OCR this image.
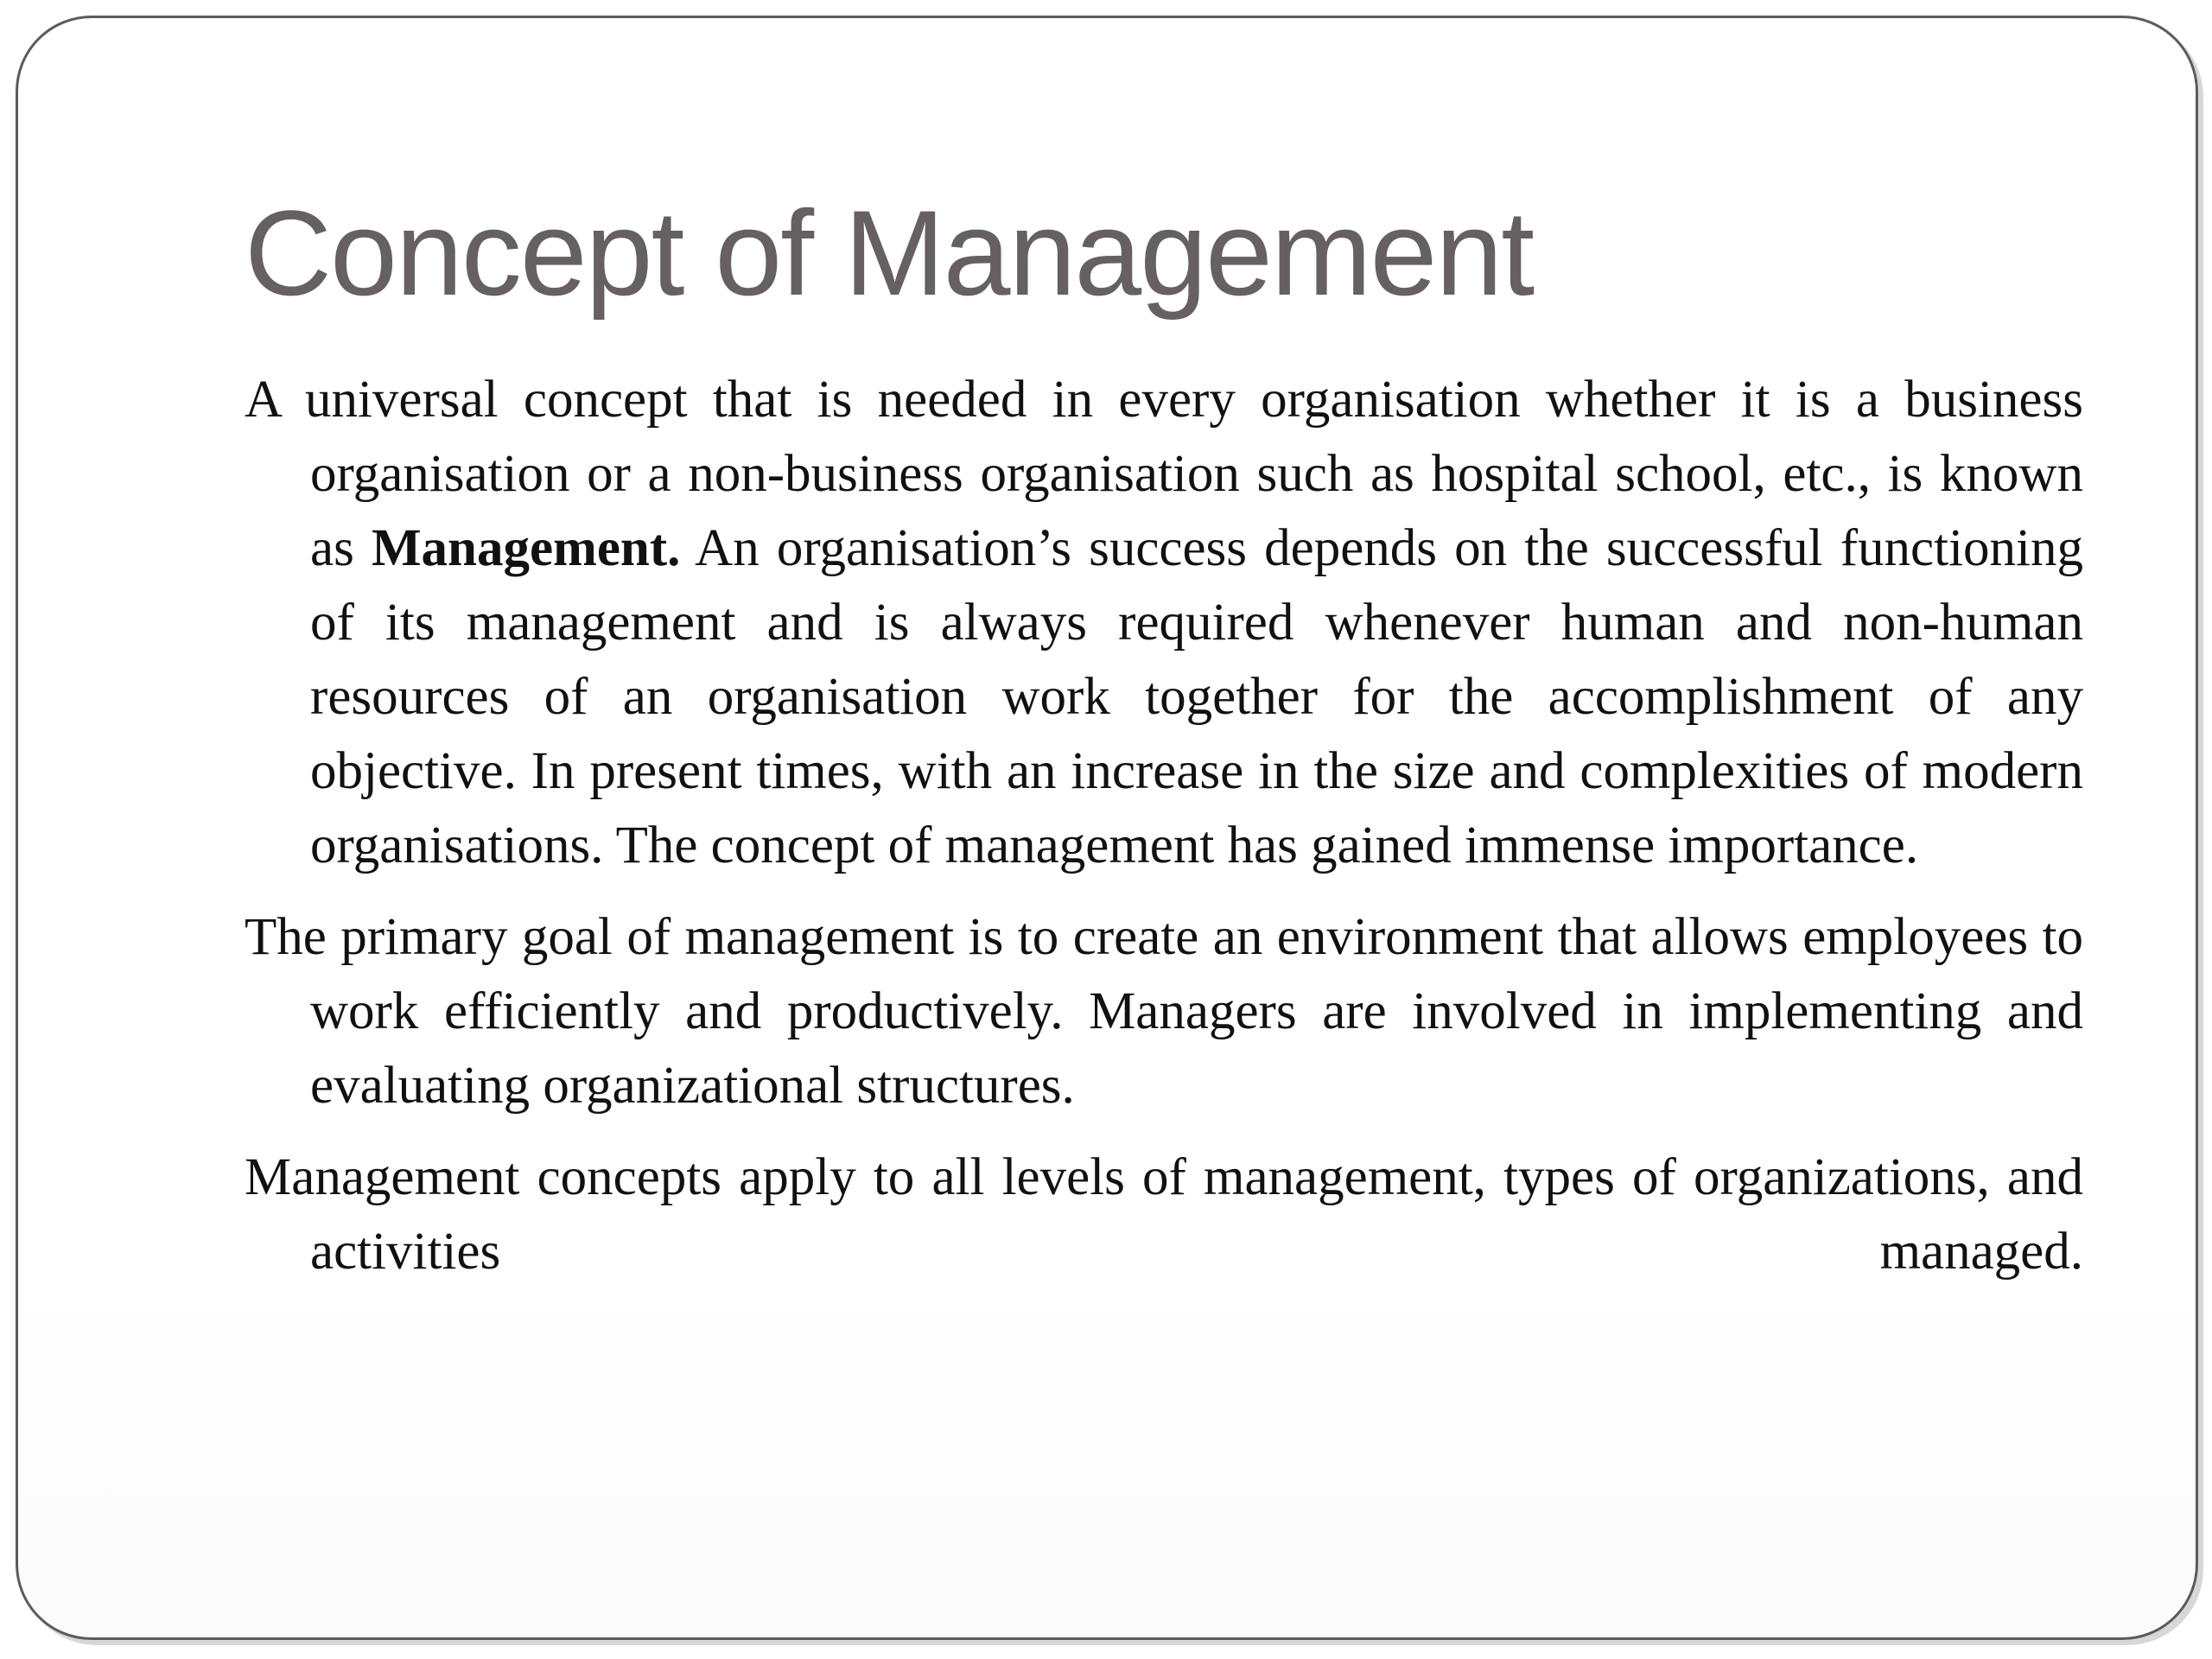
Concept of Management

A universal concept that is needed in every organisation whether it is a business organisation or a non-business organisation such as hospital school, etc., is known as Management. An organisation’s success depends on the successful functioning of its management and is always required whenever human and non-human resources of an organisation work together for the accomplishment of any objective. In present times, with an increase in the size and complexities of modern organisations. The concept of management has gained immense importance.

The primary goal of management is to create an environment that allows employees to work efficiently and productively. Managers are involved in implementing and evaluating organizational structures.

Management concepts apply to all levels of management, types of organizations, and activities managed.
